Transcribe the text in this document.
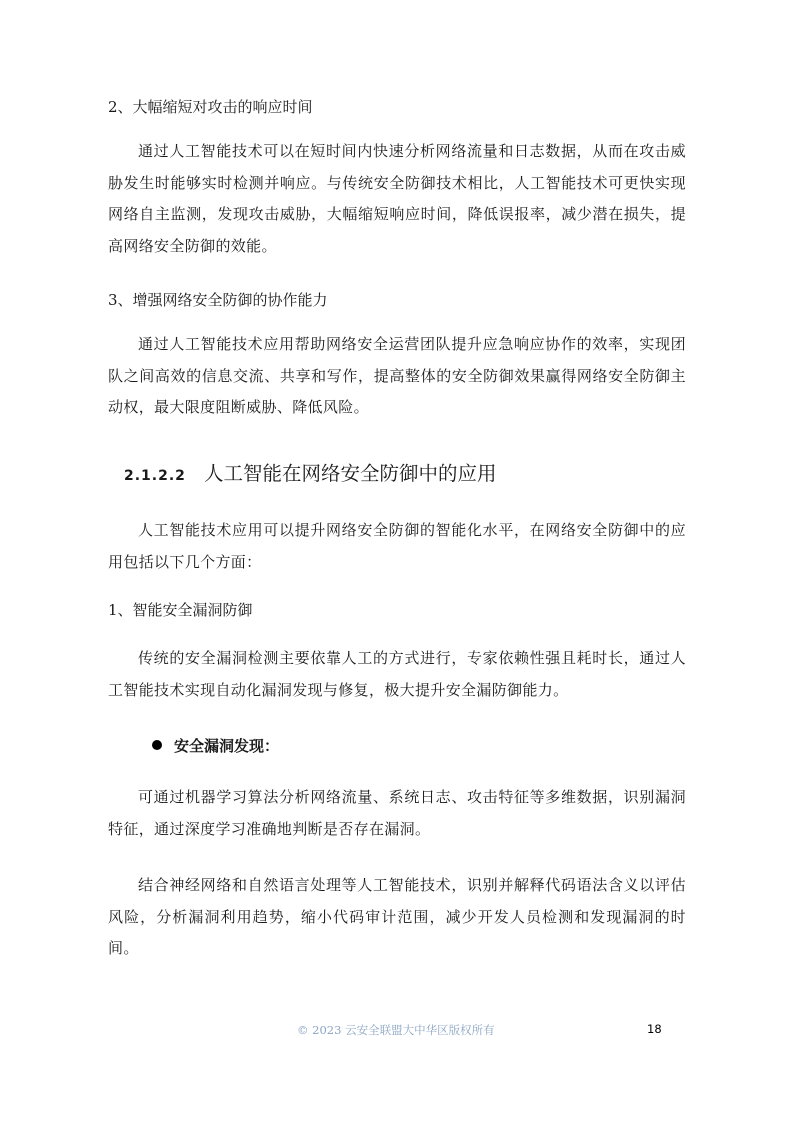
2、大幅缩短对攻击的响应时间
通过人工智能技术可以在短时间内快速分析网络流量和日志数据，从而在攻击威胁发生时能够实时检测并响应。与传统安全防御技术相比，人工智能技术可更快实现网络自主监测，发现攻击威胁，大幅缩短响应时间，降低误报率，减少潜在损失，提高网络安全防御的效能。
3、增强网络安全防御的协作能力
通过人工智能技术应用帮助网络安全运营团队提升应急响应协作的效率，实现团队之间高效的信息交流、共享和写作，提高整体的安全防御效果赢得网络安全防御主动权，最大限度阻断威胁、降低风险。
2.1.2.2 人工智能在网络安全防御中的应用
人工智能技术应用可以提升网络安全防御的智能化水平，在网络安全防御中的应用包括以下几个方面：
1、智能安全漏洞防御
传统的安全漏洞检测主要依靠人工的方式进行，专家依赖性强且耗时长，通过人工智能技术实现自动化漏洞发现与修复，极大提升安全漏防御能力。
安全漏洞发现：
可通过机器学习算法分析网络流量、系统日志、攻击特征等多维数据，识别漏洞特征，通过深度学习准确地判断是否存在漏洞。
结合神经网络和自然语言处理等人工智能技术，识别并解释代码语法含义以评估风险，分析漏洞利用趋势，缩小代码审计范围，减少开发人员检测和发现漏洞的时间。
© 2023 云安全联盟大中华区版权所有	18
